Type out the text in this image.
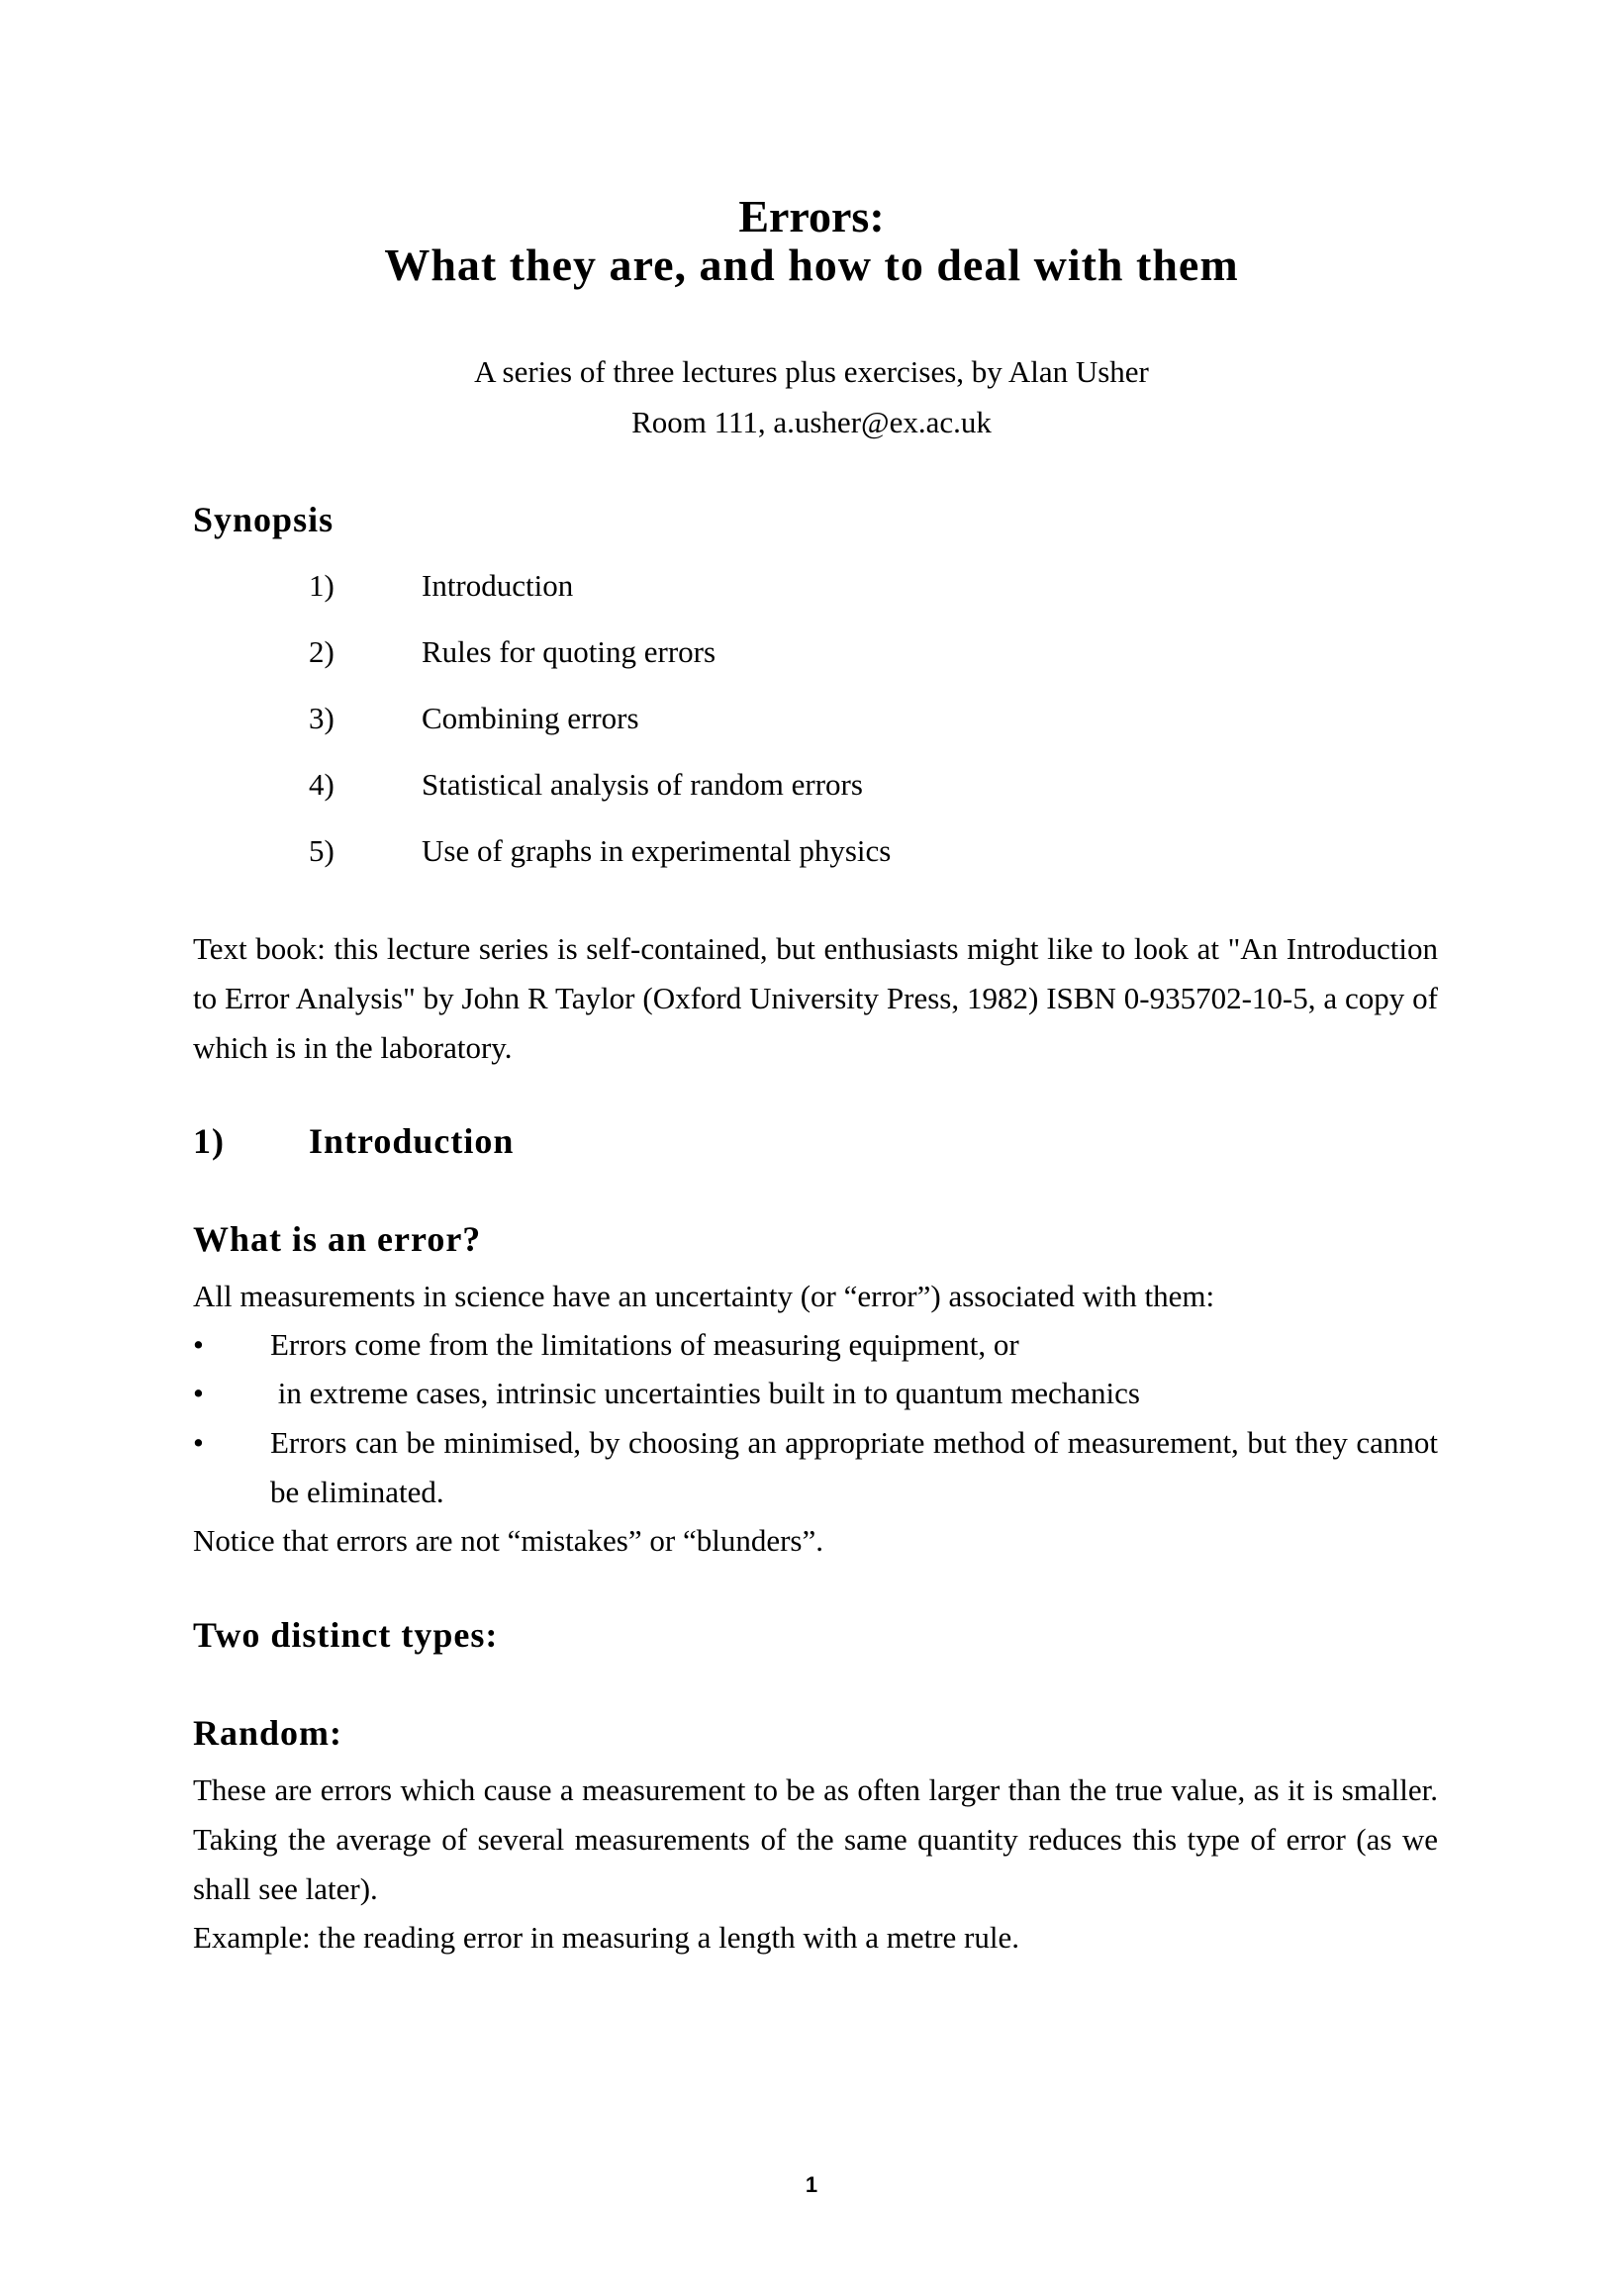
Errors:
What they are, and how to deal with them
A series of three lectures plus exercises, by Alan Usher
Room 111, a.usher@ex.ac.uk
Synopsis
1)	Introduction
2)	Rules for quoting errors
3)	Combining errors
4)	Statistical analysis of random errors
5)	Use of graphs in experimental physics
Text book: this lecture series is self-contained, but enthusiasts might like to look at "An Introduction to Error Analysis" by John R Taylor (Oxford University Press, 1982) ISBN 0-935702-10-5, a copy of which is in the laboratory.
1) Introduction
What is an error?
All measurements in science have an uncertainty (or “error”) associated with them:
• Errors come from the limitations of measuring equipment, or
• in extreme cases, intrinsic uncertainties built in to quantum mechanics
• Errors can be minimised, by choosing an appropriate method of measurement, but they cannot be eliminated.
Notice that errors are not “mistakes” or “blunders”.
Two distinct types:
Random:
These are errors which cause a measurement to be as often larger than the true value, as it is smaller. Taking the average of several measurements of the same quantity reduces this type of error (as we shall see later).
Example: the reading error in measuring a length with a metre rule.
1
